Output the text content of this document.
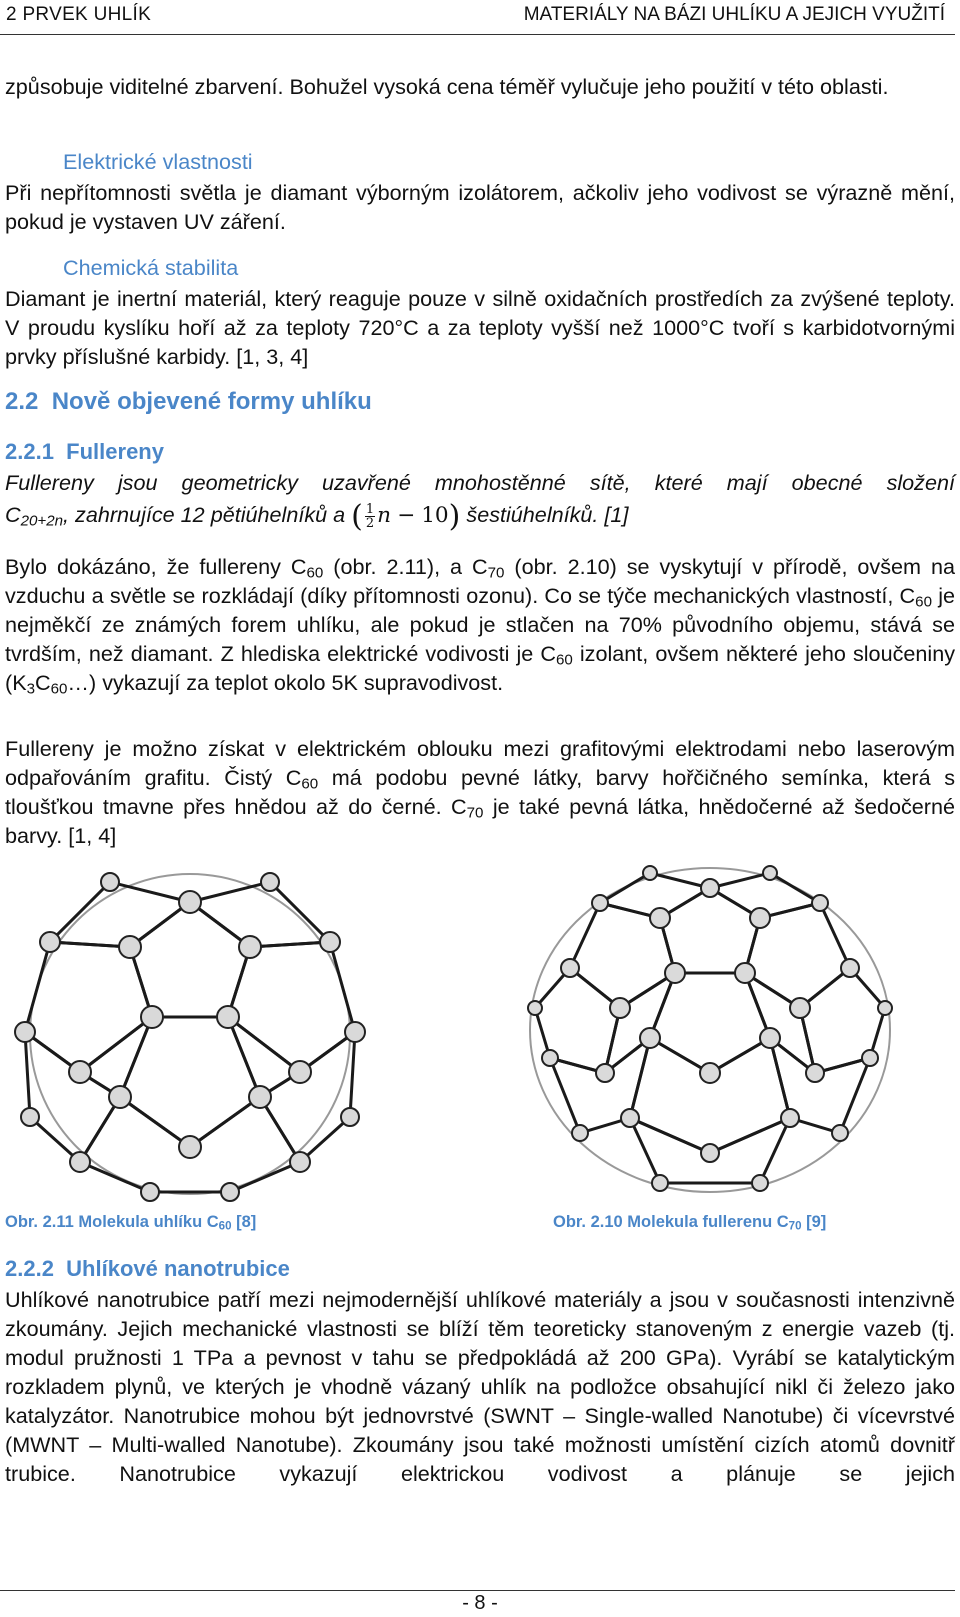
2 PRVEK UHLÍK	MATERIÁLY NA BÁZI UHLÍKU A JEJICH VYUŽITÍ

způsobuje viditelné zbarvení. Bohužel vysoká cena téměř vylučuje jeho použití v této oblasti.

Elektrické vlastnosti

Při nepřítomnosti světla je diamant výborným izolátorem, ačkoliv jeho vodivost se výrazně mění, pokud je vystaven UV záření.

Chemická stabilita

Diamant je inertní materiál, který reaguje pouze v silně oxidačních prostředích za zvýšené teploty. V proudu kyslíku hoří až za teploty 720°C a za teploty vyšší než 1000°C tvoří s karbidotvornými prvky příslušné karbidy. [1, 3, 4]

2.2 Nově objevené formy uhlíku

2.2.1 Fullereny

Fullereny jsou geometricky uzavřené mnohostěnné sítě, které mají obecné složení

$C_{20+2n}$, zahrnujíce 12 pětiúhelníků a ( $\frac{1}{2}$ n − 10) šestiúhelníků. [1]

Bylo dokázáno, že fullereny $C_{60}$ (obr. 2.11), a $C_{70}$ (obr. 2.10) se vyskytují v přírodě, ovšem na vzduchu a světle se rozkládají (díky přítomnosti ozonu). Co se týče mechanických vlastností, $C_{60}$ je nejměkčí ze známých forem uhlíku, ale pokud je stlačen na 70% původního objemu, stává se tvrdším, než diamant. Z hlediska elektrické vodivosti je $C_{60}$ izolant, ovšem některé jeho sloučeniny $(K_3C_{60}\dots)$ vykazují za teplot okolo 5K supravodivost.

Fullereny je možno získat v elektrickém oblouku mezi grafitovými elektrodami nebo laserovým odpařováním grafitu. Čistý $C_{60}$ má podobu pevné látky, barvy hořčičného semínka, která s tloušťkou tmavne přes hnědou až do černé. $C_{70}$ je také pevná látka, hnědočerné až šedočerné barvy. [1, 4]

Obr. 2.11 Molekula uhlíku $C_{60}$ [8]	Obr. 2.10 Molekula fullerenu $C_{70}$ [9]

2.2.2 Uhlíkové nanotrubice

Uhlíkové nanotrubice patří mezi nejmodernější uhlíkové materiály a jsou v současnosti intenzivně zkoumány. Jejich mechanické vlastnosti se blíží těm teoreticky stanoveným z energie vazeb (tj. modul pružnosti 1 TPa a pevnost v tahu se předpokládá až 200 GPa). Vyrábí se katalytickým rozkladem plynů, ve kterých je vhodně vázaný uhlík na podložce obsahující nikl či železo jako katalyzátor. Nanotrubice mohou být jednovrstvé (SWNT – Single-walled Nanotube) či vícevrstvé (MWNT – Multi-walled Nanotube). Zkoumány jsou také možnosti umístění cizích atomů dovnitř trubice. Nanotrubice vykazují elektrickou vodivost a plánuje se jejich

- 8 -
